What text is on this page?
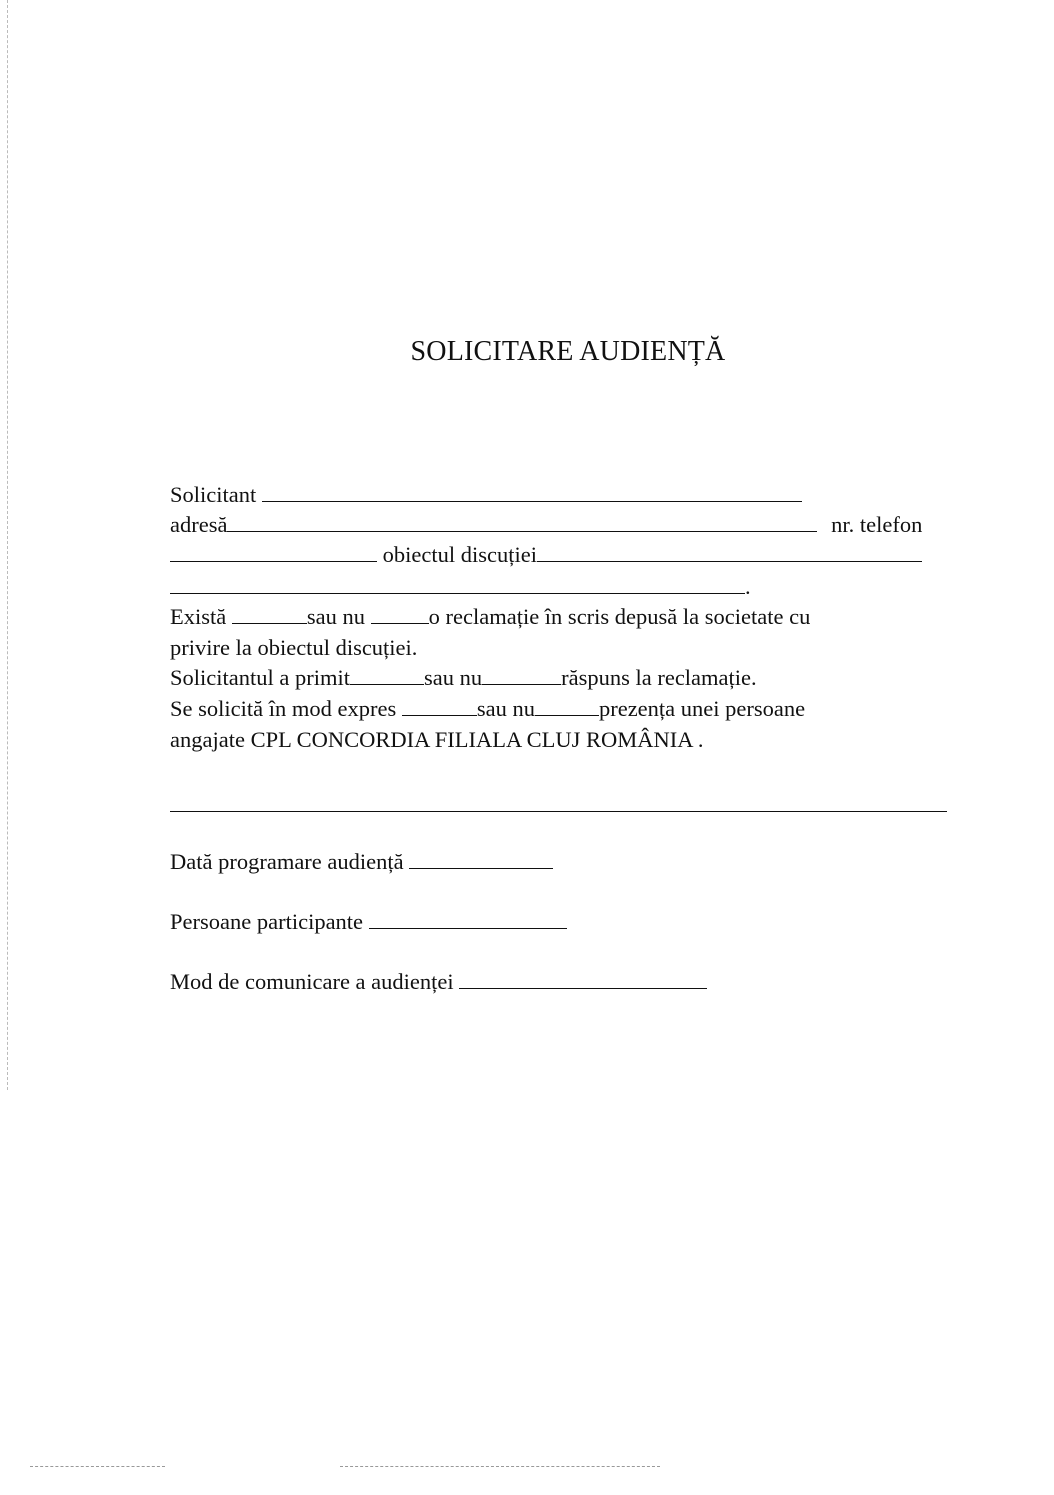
SOLICITARE AUDIENȚĂ
Solicitant
adresă	nr. telefon
obiectul discuției
.
Există	sau nu	o reclamație în scris depusă la societate cu
privire la obiectul discuției.
Solicitantul a primit	sau nu	răspuns la reclamație.
Se solicită în mod expres	sau nu	prezența unei persoane
angajate CPL CONCORDIA FILIALA CLUJ ROMÂNIA .
Dată programare audiență
Persoane participante
Mod de comunicare a audienței
